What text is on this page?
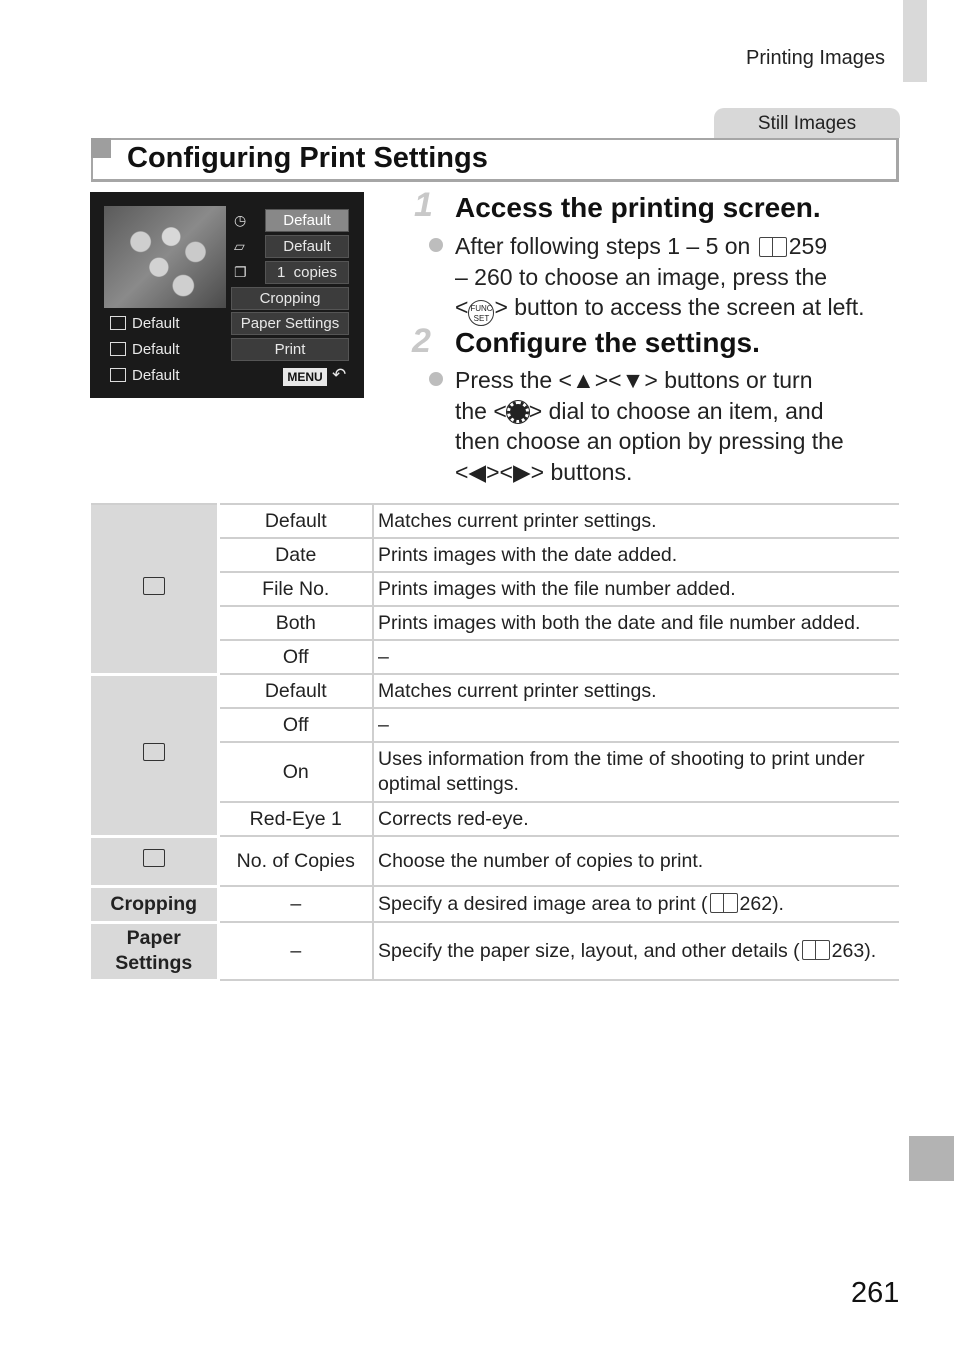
Printing Images
Still Images
Configuring Print Settings
Default
Default
Default
◷
▱
❐
Default
Default
1 copies
Cropping
Paper Settings
Print
MENU ↶
1 Access the printing screen.
After following steps 1 – 5 on 259
– 260 to choose an image, press the
< FUNC SET > button to access the screen at left.
2 Configure the settings.
Press the <▲><▼> buttons or turn
the < > dial to choose an item, and
then choose an option by pressing the
<◀><▶> buttons.
	Default	Matches current printer settings.
	Date	Prints images with the date added.
	File No.	Prints images with the file number added.
	Both	Prints images with both the date and file number added.
	Off	–
	Default	Matches current printer settings.
	Off	–
	On	Uses information from the time of shooting to print under optimal settings.
	Red-Eye 1	Corrects red-eye.
	No. of Copies	Choose the number of copies to print.
Cropping	–	Specify a desired image area to print ( 262).
Paper Settings	–	Specify the paper size, layout, and other details ( 263).
261
